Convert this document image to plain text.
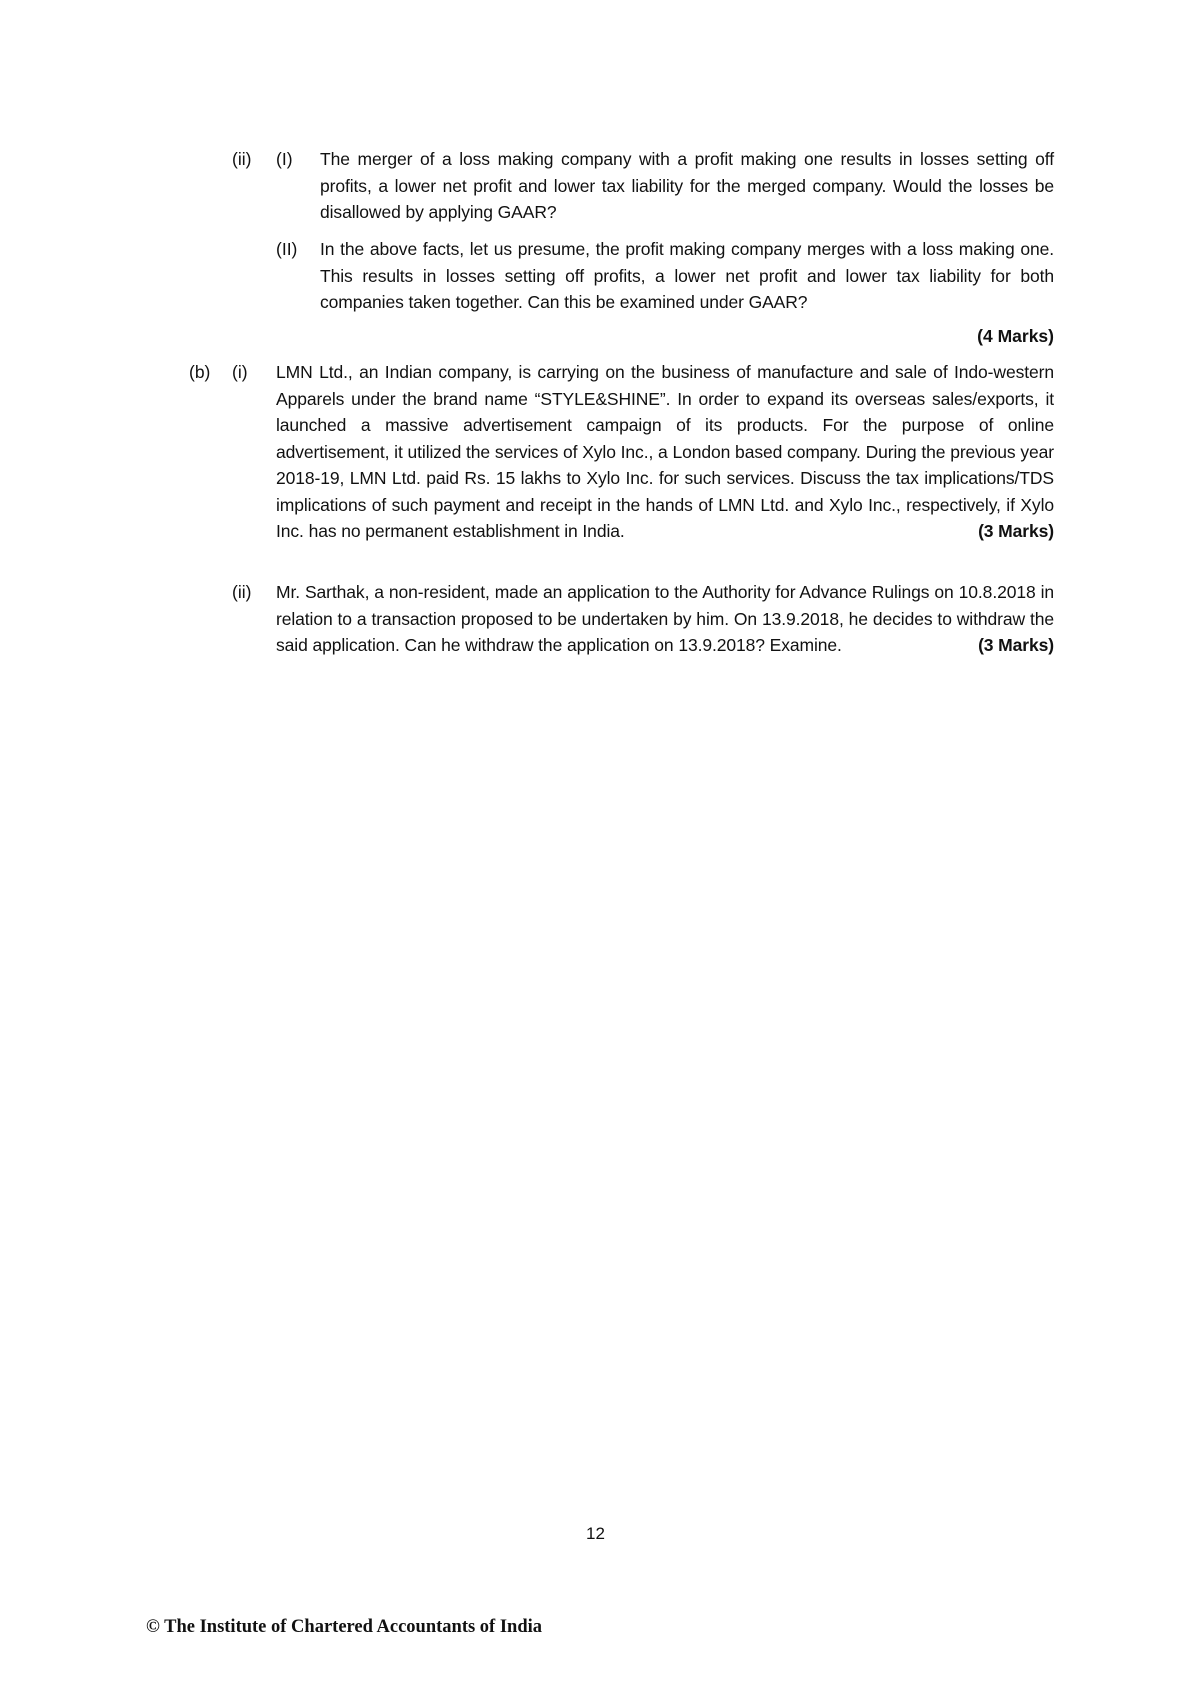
(ii) (I) The merger of a loss making company with a profit making one results in losses setting off profits, a lower net profit and lower tax liability for the merged company. Would the losses be disallowed by applying GAAR?
(II) In the above facts, let us presume, the profit making company merges with a loss making one. This results in losses setting off profits, a lower net profit and lower tax liability for both companies taken together. Can this be examined under GAAR?
(4 Marks)
(b) (i) LMN Ltd., an Indian company, is carrying on the business of manufacture and sale of Indo-western Apparels under the brand name “STYLE&SHINE”. In order to expand its overseas sales/exports, it launched a massive advertisement campaign of its products. For the purpose of online advertisement, it utilized the services of Xylo Inc., a London based company. During the previous year 2018-19, LMN Ltd. paid Rs. 15 lakhs to Xylo Inc. for such services. Discuss the tax implications/TDS implications of such payment and receipt in the hands of LMN Ltd. and Xylo Inc., respectively, if Xylo Inc. has no permanent establishment in India.	(3 Marks)
(ii) Mr. Sarthak, a non-resident, made an application to the Authority for Advance Rulings on 10.8.2018 in relation to a transaction proposed to be undertaken by him. On 13.9.2018, he decides to withdraw the said application. Can he withdraw the application on 13.9.2018? Examine.	(3 Marks)
12
© The Institute of Chartered Accountants of India
